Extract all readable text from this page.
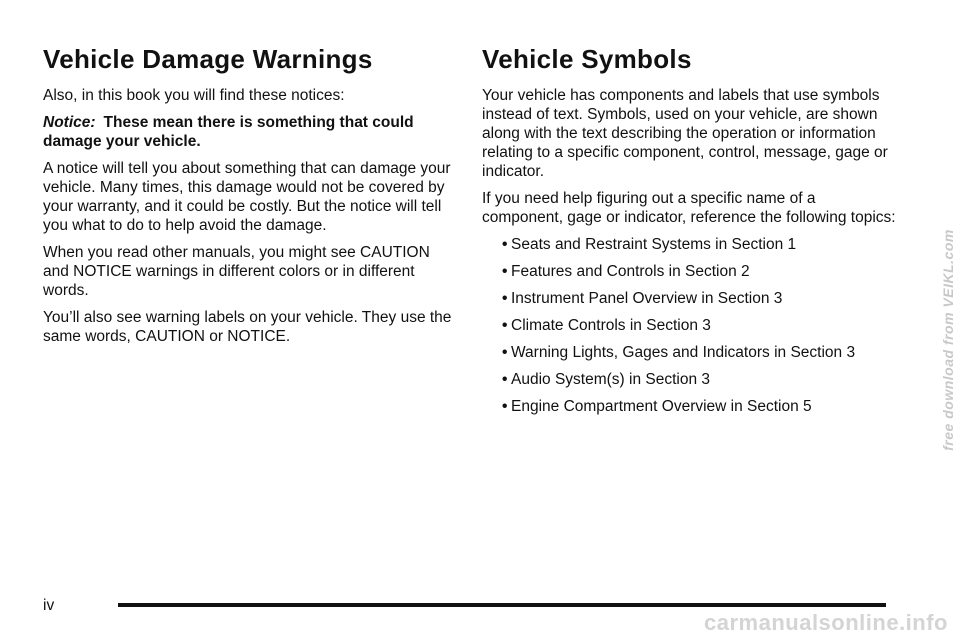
Vehicle Damage Warnings

Also, in this book you will find these notices:

Notice: These mean there is something that could damage your vehicle.

A notice will tell you about something that can damage your vehicle. Many times, this damage would not be covered by your warranty, and it could be costly. But the notice will tell you what to do to help avoid the damage.

When you read other manuals, you might see CAUTION and NOTICE warnings in different colors or in different words.

You’ll also see warning labels on your vehicle. They use the same words, CAUTION or NOTICE.

Vehicle Symbols

Your vehicle has components and labels that use symbols instead of text. Symbols, used on your vehicle, are shown along with the text describing the operation or information relating to a specific component, control, message, gage or indicator.

If you need help figuring out a specific name of a component, gage or indicator, reference the following topics:

• Seats and Restraint Systems in Section 1
• Features and Controls in Section 2
• Instrument Panel Overview in Section 3
• Climate Controls in Section 3
• Warning Lights, Gages and Indicators in Section 3
• Audio System(s) in Section 3
• Engine Compartment Overview in Section 5
iv
free download from VEIKL.com
carmanualsonline.info
